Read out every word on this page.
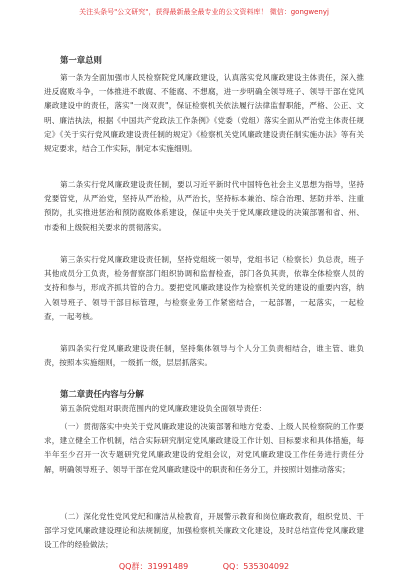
关注头条号"公文研究"，获得最新最全最专业的公文资料库！ 微信：gongwenyj

第一章总则

第一条为全面加强市人民检察院党风廉政建设，认真落实党风廉政建设主体责任，深入推进反腐败斗争，一体推进不敢腐、不能腐、不想腐，进一步明确全领导班子、领导干部在党风廉政建设中的责任，落实"一岗双责"，保证检察机关依法履行法律监督职能，严格、公正、文明、廉洁执法，根据《中国共产党政法工作条例》《党委（党组）落实全面从严治党主体责任规定》《关于实行党风廉政建设责任制的规定》《检察机关党风廉政建设责任制实施办法》等有关规定要求，结合工作实际，制定本实施细则。

第二条实行党风廉政建设责任制，要以习近平新时代中国特色社会主义思想为指导，坚持党要管党，从严治党，坚持从严治检，从严治长，坚持标本兼治、综合治理、惩防并举、注重预防，扎实推进惩治和预防腐败体系建设，保证中央关于党风廉政建设的决策部署和省、州、市委和上级院相关要求的贯彻落实。

第三条实行党风廉政建设责任制，坚持党组统一领导，党组书记（检察长）负总责，班子其他成员分工负责，检务督察部门组织协调和监督检查，部门各负其责，依靠全体检察人员的支持和参与，形成齐抓共管的合力。要把党风廉政建设作为检察机关党的建设的重要内容，纳入领导班子、领导干部目标管理，与检察业务工作紧密结合，一起部署，一起落实，一起检查，一起考核。

第四条实行党风廉政建设责任制，坚持集体领导与个人分工负责相结合，谁主管、谁负责，按照本实施细则，一级抓一级，层层抓落实。

第二章责任内容与分解

第五条院党组对职责范围内的党风廉政建设负全面领导责任：

（一）贯彻落实中央关于党风廉政建设的决策部署和地方党委、上级人民检察院的工作要求，建立健全工作机制，结合实际研究制定党风廉政建设工作计划、目标要求和具体措施，每半年至少召开一次专题研究党风廉政建设的党组会议，对党风廉政建设工作任务进行责任分解，明确领导班子、领导干部在党风廉政建设中的职责和任务分工，并按照计划推动落实；

（二）深化党性党风党纪和廉洁从检教育，开展警示教育和岗位廉政教育，组织党员、干部学习党风廉政建设理论和法规制度，加强检察机关廉政文化建设，及时总结宣传党风廉政建设工作的经验做法；

QQ群：31991489	QQ：535304092
